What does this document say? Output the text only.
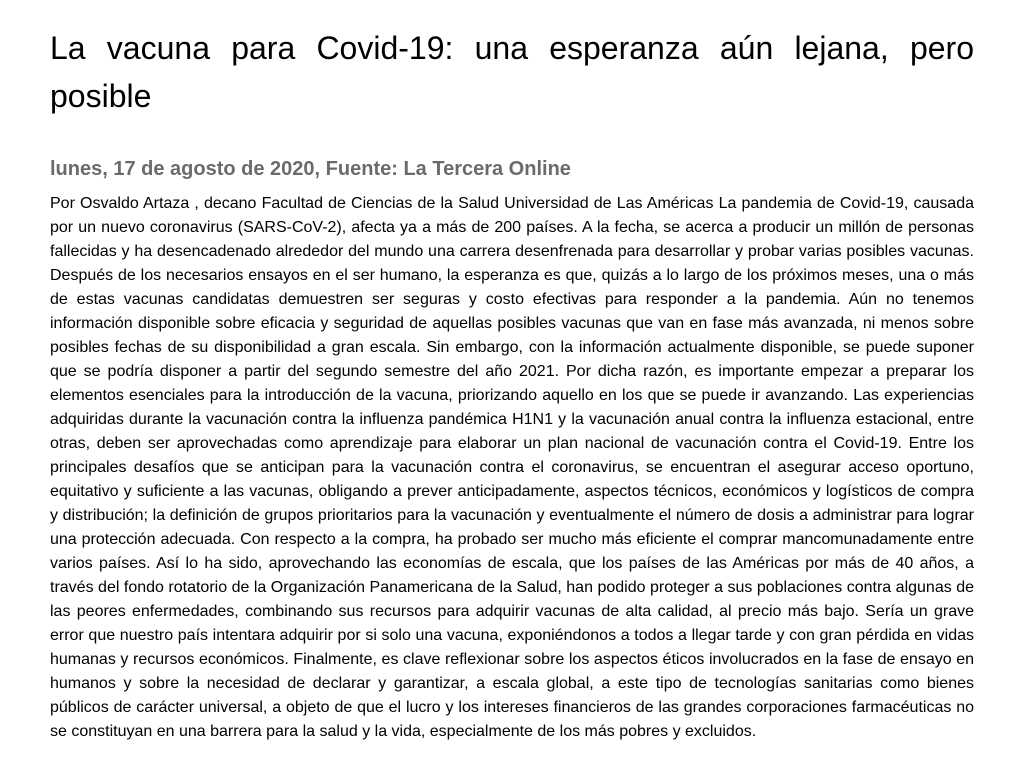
La vacuna para Covid-19: una esperanza aún lejana, pero posible
lunes, 17 de agosto de 2020, Fuente: La Tercera Online

Por Osvaldo Artaza , decano Facultad de Ciencias de la Salud Universidad de Las Américas La pandemia de Covid-19, causada por un nuevo coronavirus (SARS-CoV-2), afecta ya a más de 200 países. A la fecha, se acerca a producir un millón de personas fallecidas y ha desencadenado alrededor del mundo una carrera desenfrenada para desarrollar y probar varias posibles vacunas. Después de los necesarios ensayos en el ser humano, la esperanza es que, quizás a lo largo de los próximos meses, una o más de estas vacunas candidatas demuestren ser seguras y costo efectivas para responder a la pandemia. Aún no tenemos información disponible sobre eficacia y seguridad de aquellas posibles vacunas que van en fase más avanzada, ni menos sobre posibles fechas de su disponibilidad a gran escala. Sin embargo, con la información actualmente disponible, se puede suponer que se podría disponer a partir del segundo semestre del año 2021. Por dicha razón, es importante empezar a preparar los elementos esenciales para la introducción de la vacuna, priorizando aquello en los que se puede ir avanzando. Las experiencias adquiridas durante la vacunación contra la influenza pandémica H1N1 y la vacunación anual contra la influenza estacional, entre otras, deben ser aprovechadas como aprendizaje para elaborar un plan nacional de vacunación contra el Covid-19. Entre los principales desafíos que se anticipan para la vacunación contra el coronavirus, se encuentran el asegurar acceso oportuno, equitativo y suficiente a las vacunas, obligando a prever anticipadamente, aspectos técnicos, económicos y logísticos de compra y distribución; la definición de grupos prioritarios para la vacunación y eventualmente el número de dosis a administrar para lograr una protección adecuada. Con respecto a la compra, ha probado ser mucho más eficiente el comprar mancomunadamente entre varios países. Así lo ha sido, aprovechando las economías de escala, que los países de las Américas por más de 40 años, a través del fondo rotatorio de la Organización Panamericana de la Salud, han podido proteger a sus poblaciones contra algunas de las peores enfermedades, combinando sus recursos para adquirir vacunas de alta calidad, al precio más bajo. Sería un grave error que nuestro país intentara adquirir por si solo una vacuna, exponiéndonos a todos a llegar tarde y con gran pérdida en vidas humanas y recursos económicos. Finalmente, es clave reflexionar sobre los aspectos éticos involucrados en la fase de ensayo en humanos y sobre la necesidad de declarar y garantizar, a escala global, a este tipo de tecnologías sanitarias como bienes públicos de carácter universal, a objeto de que el lucro y los intereses financieros de las grandes corporaciones farmacéuticas no se constituyan en una barrera para la salud y la vida, especialmente de los más pobres y excluidos.
